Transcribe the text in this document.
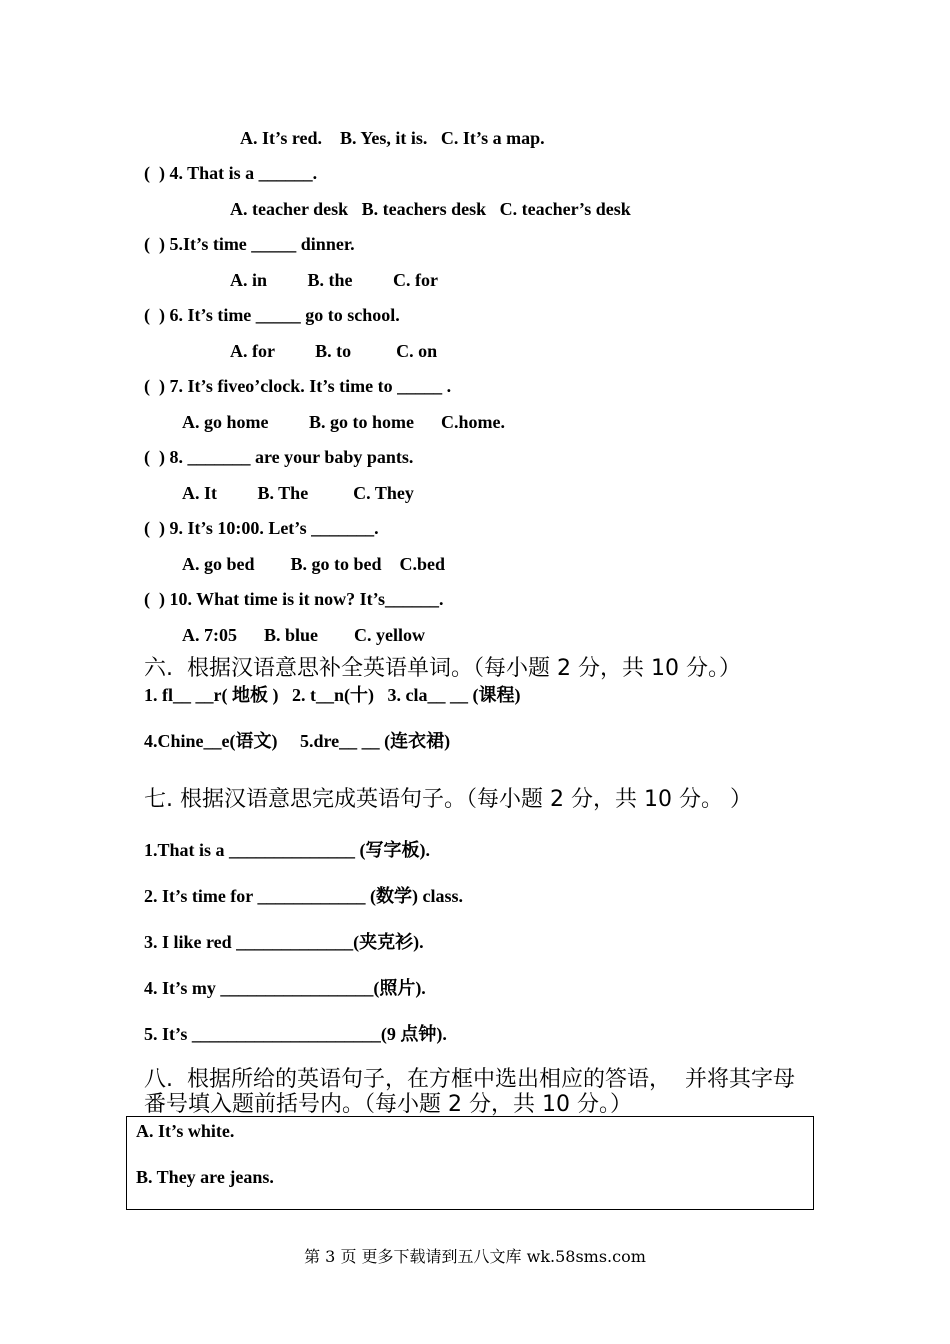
A. It’s red.    B. Yes, it is.   C. It’s a map.
(  ) 4. That is a ______.
A. teacher desk   B. teachers desk   C. teacher’s desk
(  ) 5.It’s time _____ dinner.
A. in         B. the         C. for
(  ) 6. It’s time _____ go to school.
A. for         B. to          C. on
(  ) 7. It’s fiveo’clock. It’s time to _____ .
A. go home         B. go to home      C.home.
(  ) 8. _______ are your baby pants.
A. It         B. The          C. They
(  ) 9. It’s 10:00. Let’s _______.
A. go bed        B. go to bed    C.bed
(  ) 10. What time is it now? It’s______.
A. 7:05      B. blue        C. yellow
六.  根据汉语意思补全英语单词。（每小题 2 分，共 10 分。）
1. fl__ __r( 地板 )   2. t__n(十)   3. cla__ __ (课程)
4.Chine__e(语文)     5.dre__ __ (连衣裙)
七. 根据汉语意思完成英语句子。（每小题 2 分，共 10 分。 ）
1.That is a ______________ (写字板).
2. It’s time for ____________ (数学) class.
3. I like red _____________(夹克衫).
4. It’s my _________________(照片).
5. It’s _____________________(9 点钟).
八.  根据所给的英语句子，在方框中选出相应的答语，  并将其字母
番号填入题前括号内。（每小题 2 分，共 10 分。）
A. It’s white.
B. They are jeans.
第 3 页 更多下载请到五八文库 wk.58sms.com
